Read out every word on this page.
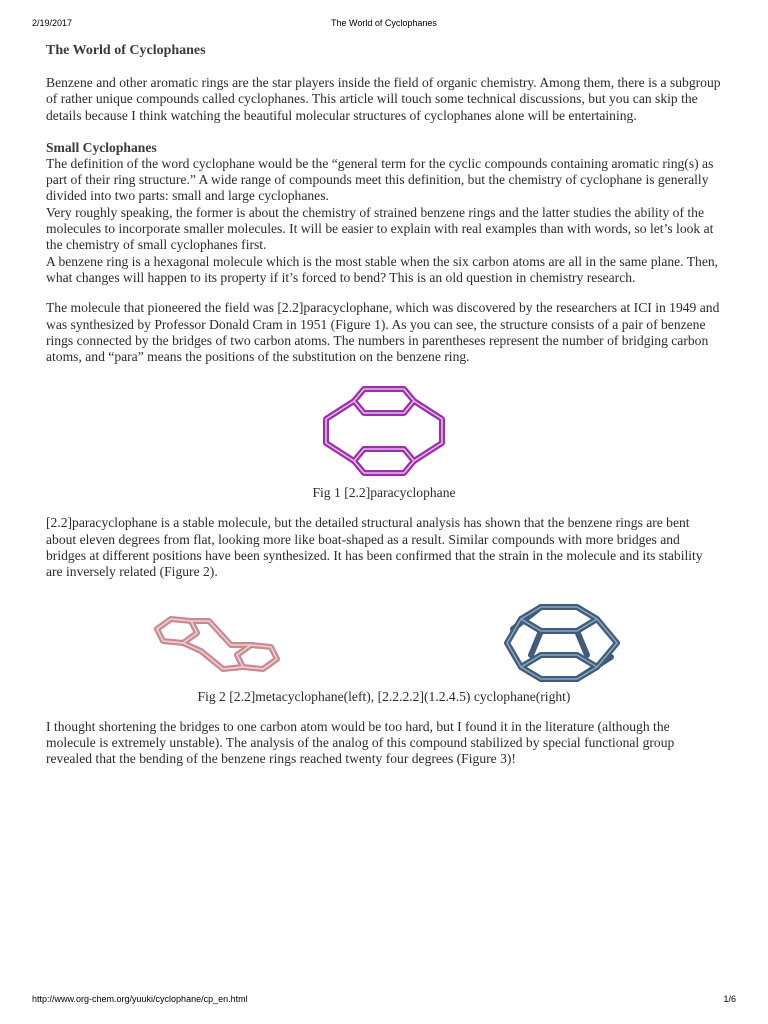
2/19/2017	The World of Cyclophanes
The World of Cyclophanes

Benzene and other aromatic rings are the star players inside the field of organic chemistry. Among them, there is a subgroup of rather unique compounds called cyclophanes. This article will touch some technical discussions, but you can skip the details because I think watching the beautiful molecular structures of cyclophanes alone will be entertaining.

Small Cyclophanes

The definition of the word cyclophane would be the “general term for the cyclic compounds containing aromatic ring(s) as part of their ring structure.” A wide range of compounds meet this definition, but the chemistry of cyclophane is generally divided into two parts: small and large cyclophanes.

Very roughly speaking, the former is about the chemistry of strained benzene rings and the latter studies the ability of the molecules to incorporate smaller molecules. It will be easier to explain with real examples than with words, so let’s look at the chemistry of small cyclophanes first.

A benzene ring is a hexagonal molecule which is the most stable when the six carbon atoms are all in the same plane. Then, what changes will happen to its property if it’s forced to bend? This is an old question in chemistry research.

The molecule that pioneered the field was [2.2]paracyclophane, which was discovered by the researchers at ICI in 1949 and was synthesized by Professor Donald Cram in 1951 (Figure 1). As you can see, the structure consists of a pair of benzene rings connected by the bridges of two carbon atoms. The numbers in parentheses represent the number of bridging carbon atoms, and “para” means the positions of the substitution on the benzene ring.

Fig 1 [2.2]paracyclophane

[2.2]paracyclophane is a stable molecule, but the detailed structural analysis has shown that the benzene rings are bent about eleven degrees from flat, looking more like boat-shaped as a result. Similar compounds with more bridges and bridges at different positions have been synthesized. It has been confirmed that the strain in the molecule and its stability are inversely related (Figure 2).

Fig 2 [2.2]metacyclophane(left), [2.2.2.2](1.2.4.5) cyclophane(right)

I thought shortening the bridges to one carbon atom would be too hard, but I found it in the literature (although the molecule is extremely unstable). The analysis of the analog of this compound stabilized by special functional group revealed that the bending of the benzene rings reached twenty four degrees (Figure 3)!

http://www.org-chem.org/yuuki/cyclophane/cp_en.html	1/6
